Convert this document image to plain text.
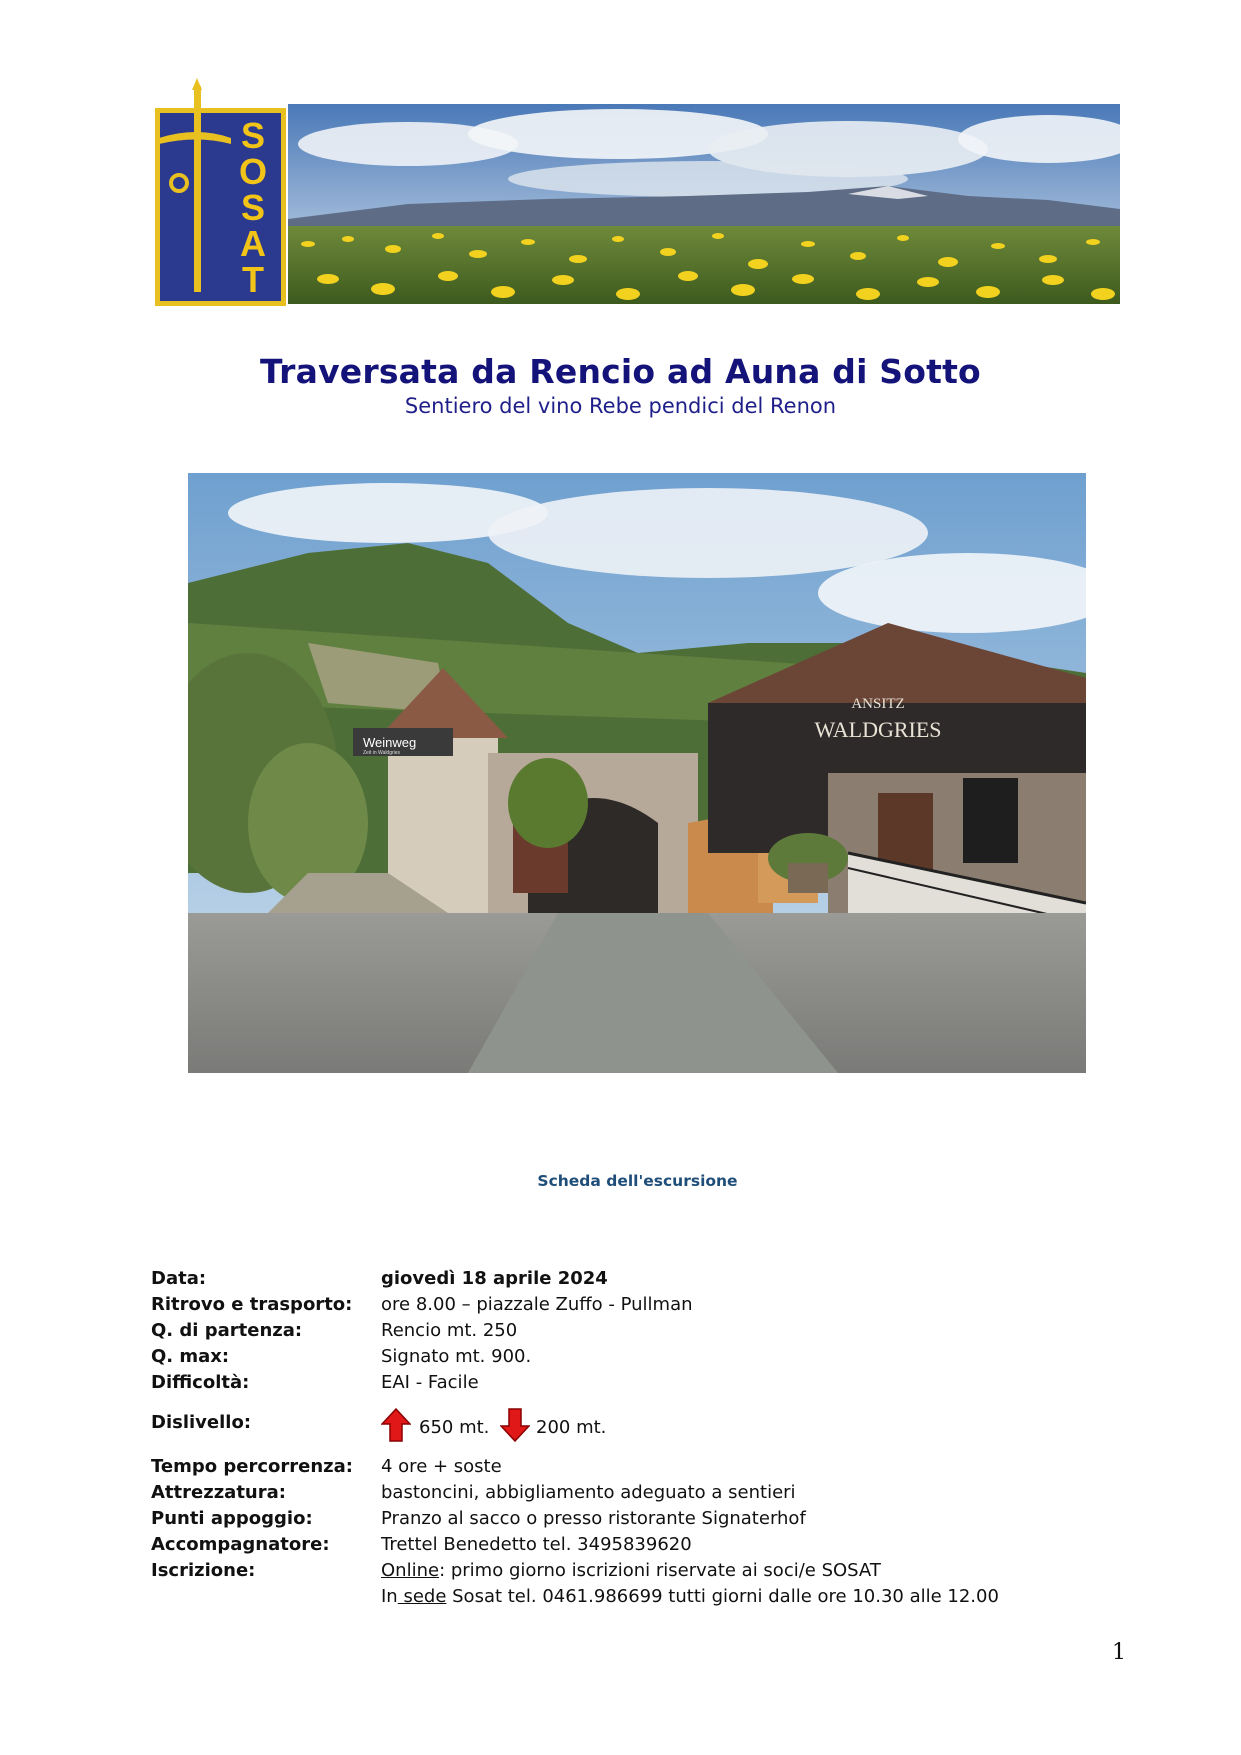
S
O
S
A
T
Traversata da Rencio ad Auna di Sotto
Sentiero del vino Rebe pendici del Renon
Weinweg
Zeit in Waldgries
ANSITZ
WALDGRIES
Scheda dell'escursione
Data:	giovedì 18 aprile 2024
Ritrovo e trasporto: ore 8.00 – piazzale Zuffo - Pullman
Q. di partenza:	Rencio mt. 250
Q. max:	Signato mt. 900.
Difficoltà:	EAI - Facile
Dislivello:	650 mt.	200 mt.
Tempo percorrenza: 4 ore + soste
Attrezzatura:	bastoncini, abbigliamento adeguato a sentieri
Punti appoggio:	Pranzo al sacco o presso ristorante Signaterhof
Accompagnatore:	Trettel Benedetto tel. 3495839620
Iscrizione:	Online: primo giorno iscrizioni riservate ai soci/e SOSAT
In sede Sosat tel. 0461.986699 tutti giorni dalle ore 10.30 alle 12.00
1
